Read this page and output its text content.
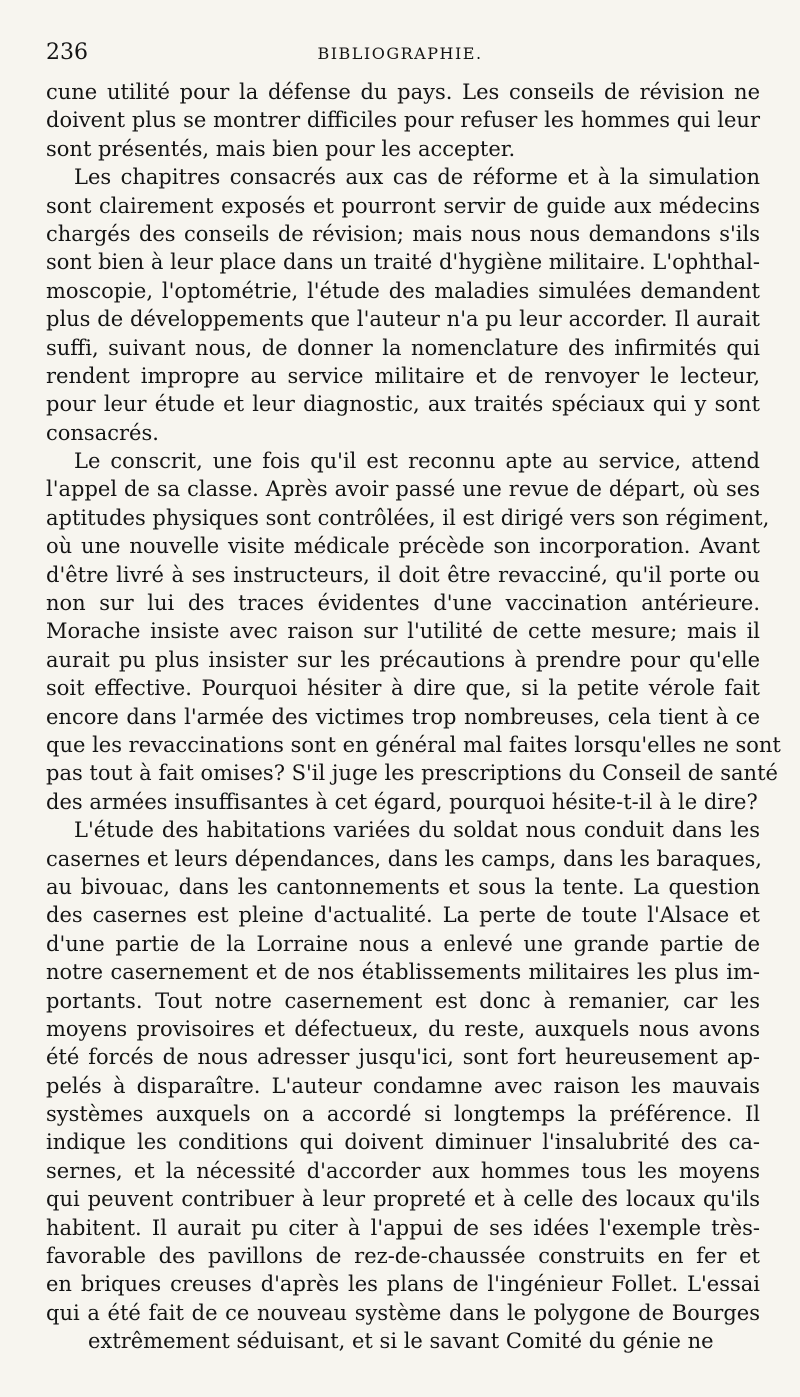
236	BIBLIOGRAPHIE.
cune utilité pour la défense du pays. Les conseils de révision ne
doivent plus se montrer difficiles pour refuser les hommes qui leur
sont présentés, mais bien pour les accepter.
Les chapitres consacrés aux cas de réforme et à la simulation
sont clairement exposés et pourront servir de guide aux médecins
chargés des conseils de révision; mais nous nous demandons s'ils
sont bien à leur place dans un traité d'hygiène militaire. L'ophthal-
moscopie, l'optométrie, l'étude des maladies simulées demandent
plus de développements que l'auteur n'a pu leur accorder. Il aurait
suffi, suivant nous, de donner la nomenclature des infirmités qui
rendent impropre au service militaire et de renvoyer le lecteur,
pour leur étude et leur diagnostic, aux traités spéciaux qui y sont
consacrés.
Le conscrit, une fois qu'il est reconnu apte au service, attend
l'appel de sa classe. Après avoir passé une revue de départ, où ses
aptitudes physiques sont contrôlées, il est dirigé vers son régiment,
où une nouvelle visite médicale précède son incorporation. Avant
d'être livré à ses instructeurs, il doit être revacciné, qu'il porte ou
non sur lui des traces évidentes d'une vaccination antérieure.
Morache insiste avec raison sur l'utilité de cette mesure; mais il
aurait pu plus insister sur les précautions à prendre pour qu'elle
soit effective. Pourquoi hésiter à dire que, si la petite vérole fait
encore dans l'armée des victimes trop nombreuses, cela tient à ce
que les revaccinations sont en général mal faites lorsqu'elles ne sont
pas tout à fait omises? S'il juge les prescriptions du Conseil de santé
des armées insuffisantes à cet égard, pourquoi hésite-t-il à le dire?
L'étude des habitations variées du soldat nous conduit dans les
casernes et leurs dépendances, dans les camps, dans les baraques,
au bivouac, dans les cantonnements et sous la tente. La question
des casernes est pleine d'actualité. La perte de toute l'Alsace et
d'une partie de la Lorraine nous a enlevé une grande partie de
notre casernement et de nos établissements militaires les plus im-
portants. Tout notre casernement est donc à remanier, car les
moyens provisoires et défectueux, du reste, auxquels nous avons
été forcés de nous adresser jusqu'ici, sont fort heureusement ap-
pelés à disparaître. L'auteur condamne avec raison les mauvais
systèmes auxquels on a accordé si longtemps la préférence. Il
indique les conditions qui doivent diminuer l'insalubrité des ca-
sernes, et la nécessité d'accorder aux hommes tous les moyens
qui peuvent contribuer à leur propreté et à celle des locaux qu'ils
habitent. Il aurait pu citer à l'appui de ses idées l'exemple très-
favorable des pavillons de rez-de-chaussée construits en fer et
en briques creuses d'après les plans de l'ingénieur Follet. L'essai
qui a été fait de ce nouveau système dans le polygone de Bourges
extrêmement séduisant, et si le savant Comité du génie ne
